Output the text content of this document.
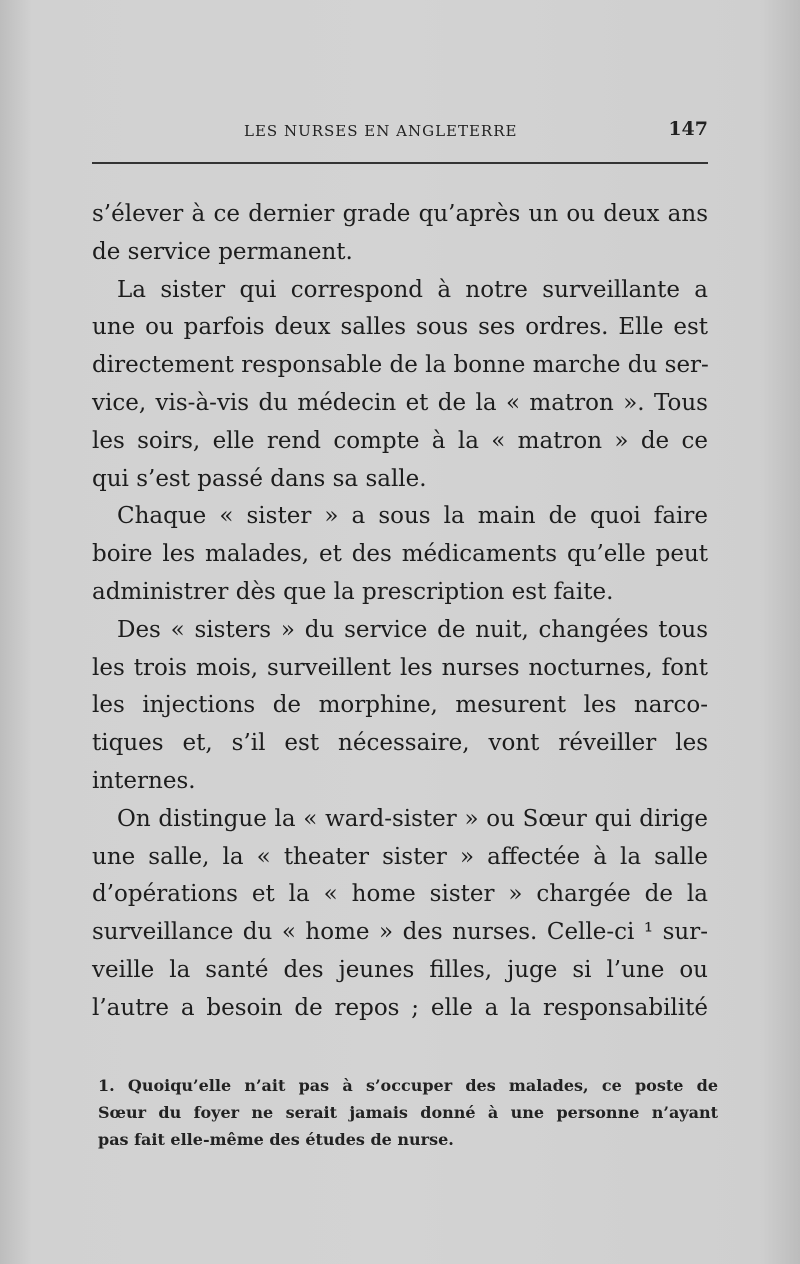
LES NURSES EN ANGLETERRE	147
s’élever à ce dernier grade qu’après un ou deux ans
de service permanent.
La sister qui correspond à notre surveillante a
une ou parfois deux salles sous ses ordres. Elle est
directement responsable de la bonne marche du ser-
vice, vis-à-vis du médecin et de la « matron ». Tous
les soirs, elle rend compte à la « matron » de ce
qui s’est passé dans sa salle.
Chaque « sister » a sous la main de quoi faire
boire les malades, et des médicaments qu’elle peut
administrer dès que la prescription est faite.
Des « sisters » du service de nuit, changées tous
les trois mois, surveillent les nurses nocturnes, font
les injections de morphine, mesurent les narco-
tiques et, s’il est nécessaire, vont réveiller les
internes.
On distingue la « ward-sister » ou Sœur qui dirige
une salle, la « theater sister » affectée à la salle
d’opérations et la « home sister » chargée de la
surveillance du « home » des nurses. Celle-ci ¹ sur-
veille la santé des jeunes filles, juge si l’une ou
l’autre a besoin de repos ; elle a la responsabilité
1. Quoiqu’elle n’ait pas à s’occuper des malades, ce poste de
Sœur du foyer ne serait jamais donné à une personne n’ayant
pas fait elle-même des études de nurse.
